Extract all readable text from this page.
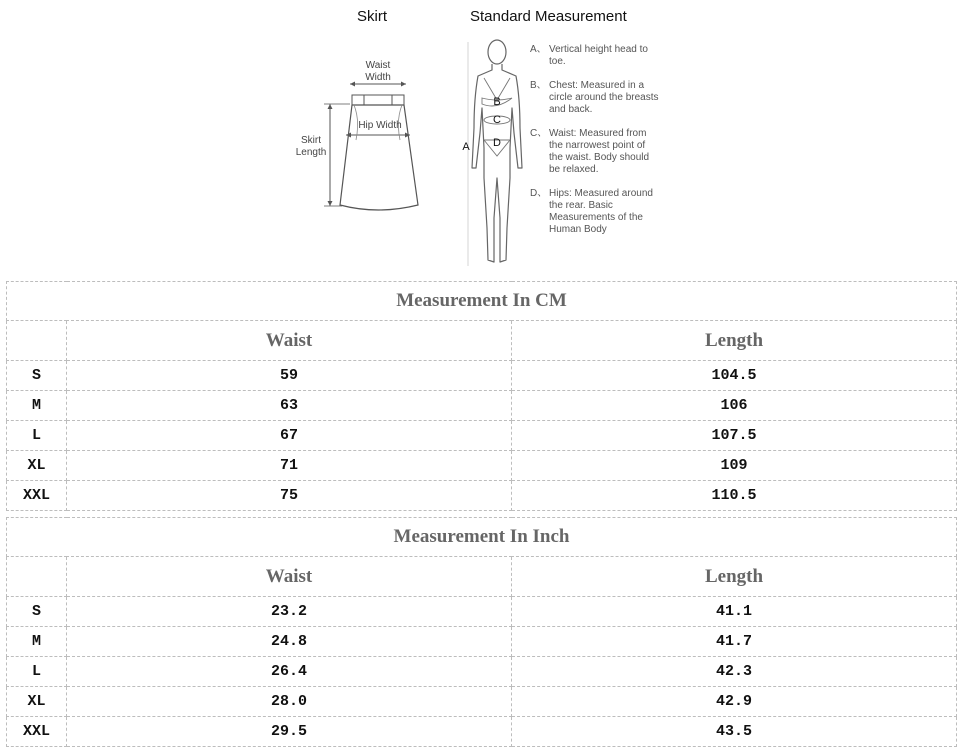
Skirt	Standard Measurement
Waist
Width
Hip Width
Skirt
Length	A
B
C
D
A、 Vertical height head to toe.
B、 Chest: Measured in a circle around the breasts and back.
C、 Waist: Measured from the narrowest point of the waist. Body should be relaxed.
D、 Hips: Measured around the rear. Basic Measurements of the Human Body
Measurement In CM		
	Waist	Length
S	59	104.5
M	63	106
L	67	107.5
XL	71	109
XXL	75	110.5
Measurement In Inch		
	Waist	Length
S	23.2	41.1
M	24.8	41.7
L	26.4	42.3
XL	28.0	42.9
XXL	29.5	43.5
